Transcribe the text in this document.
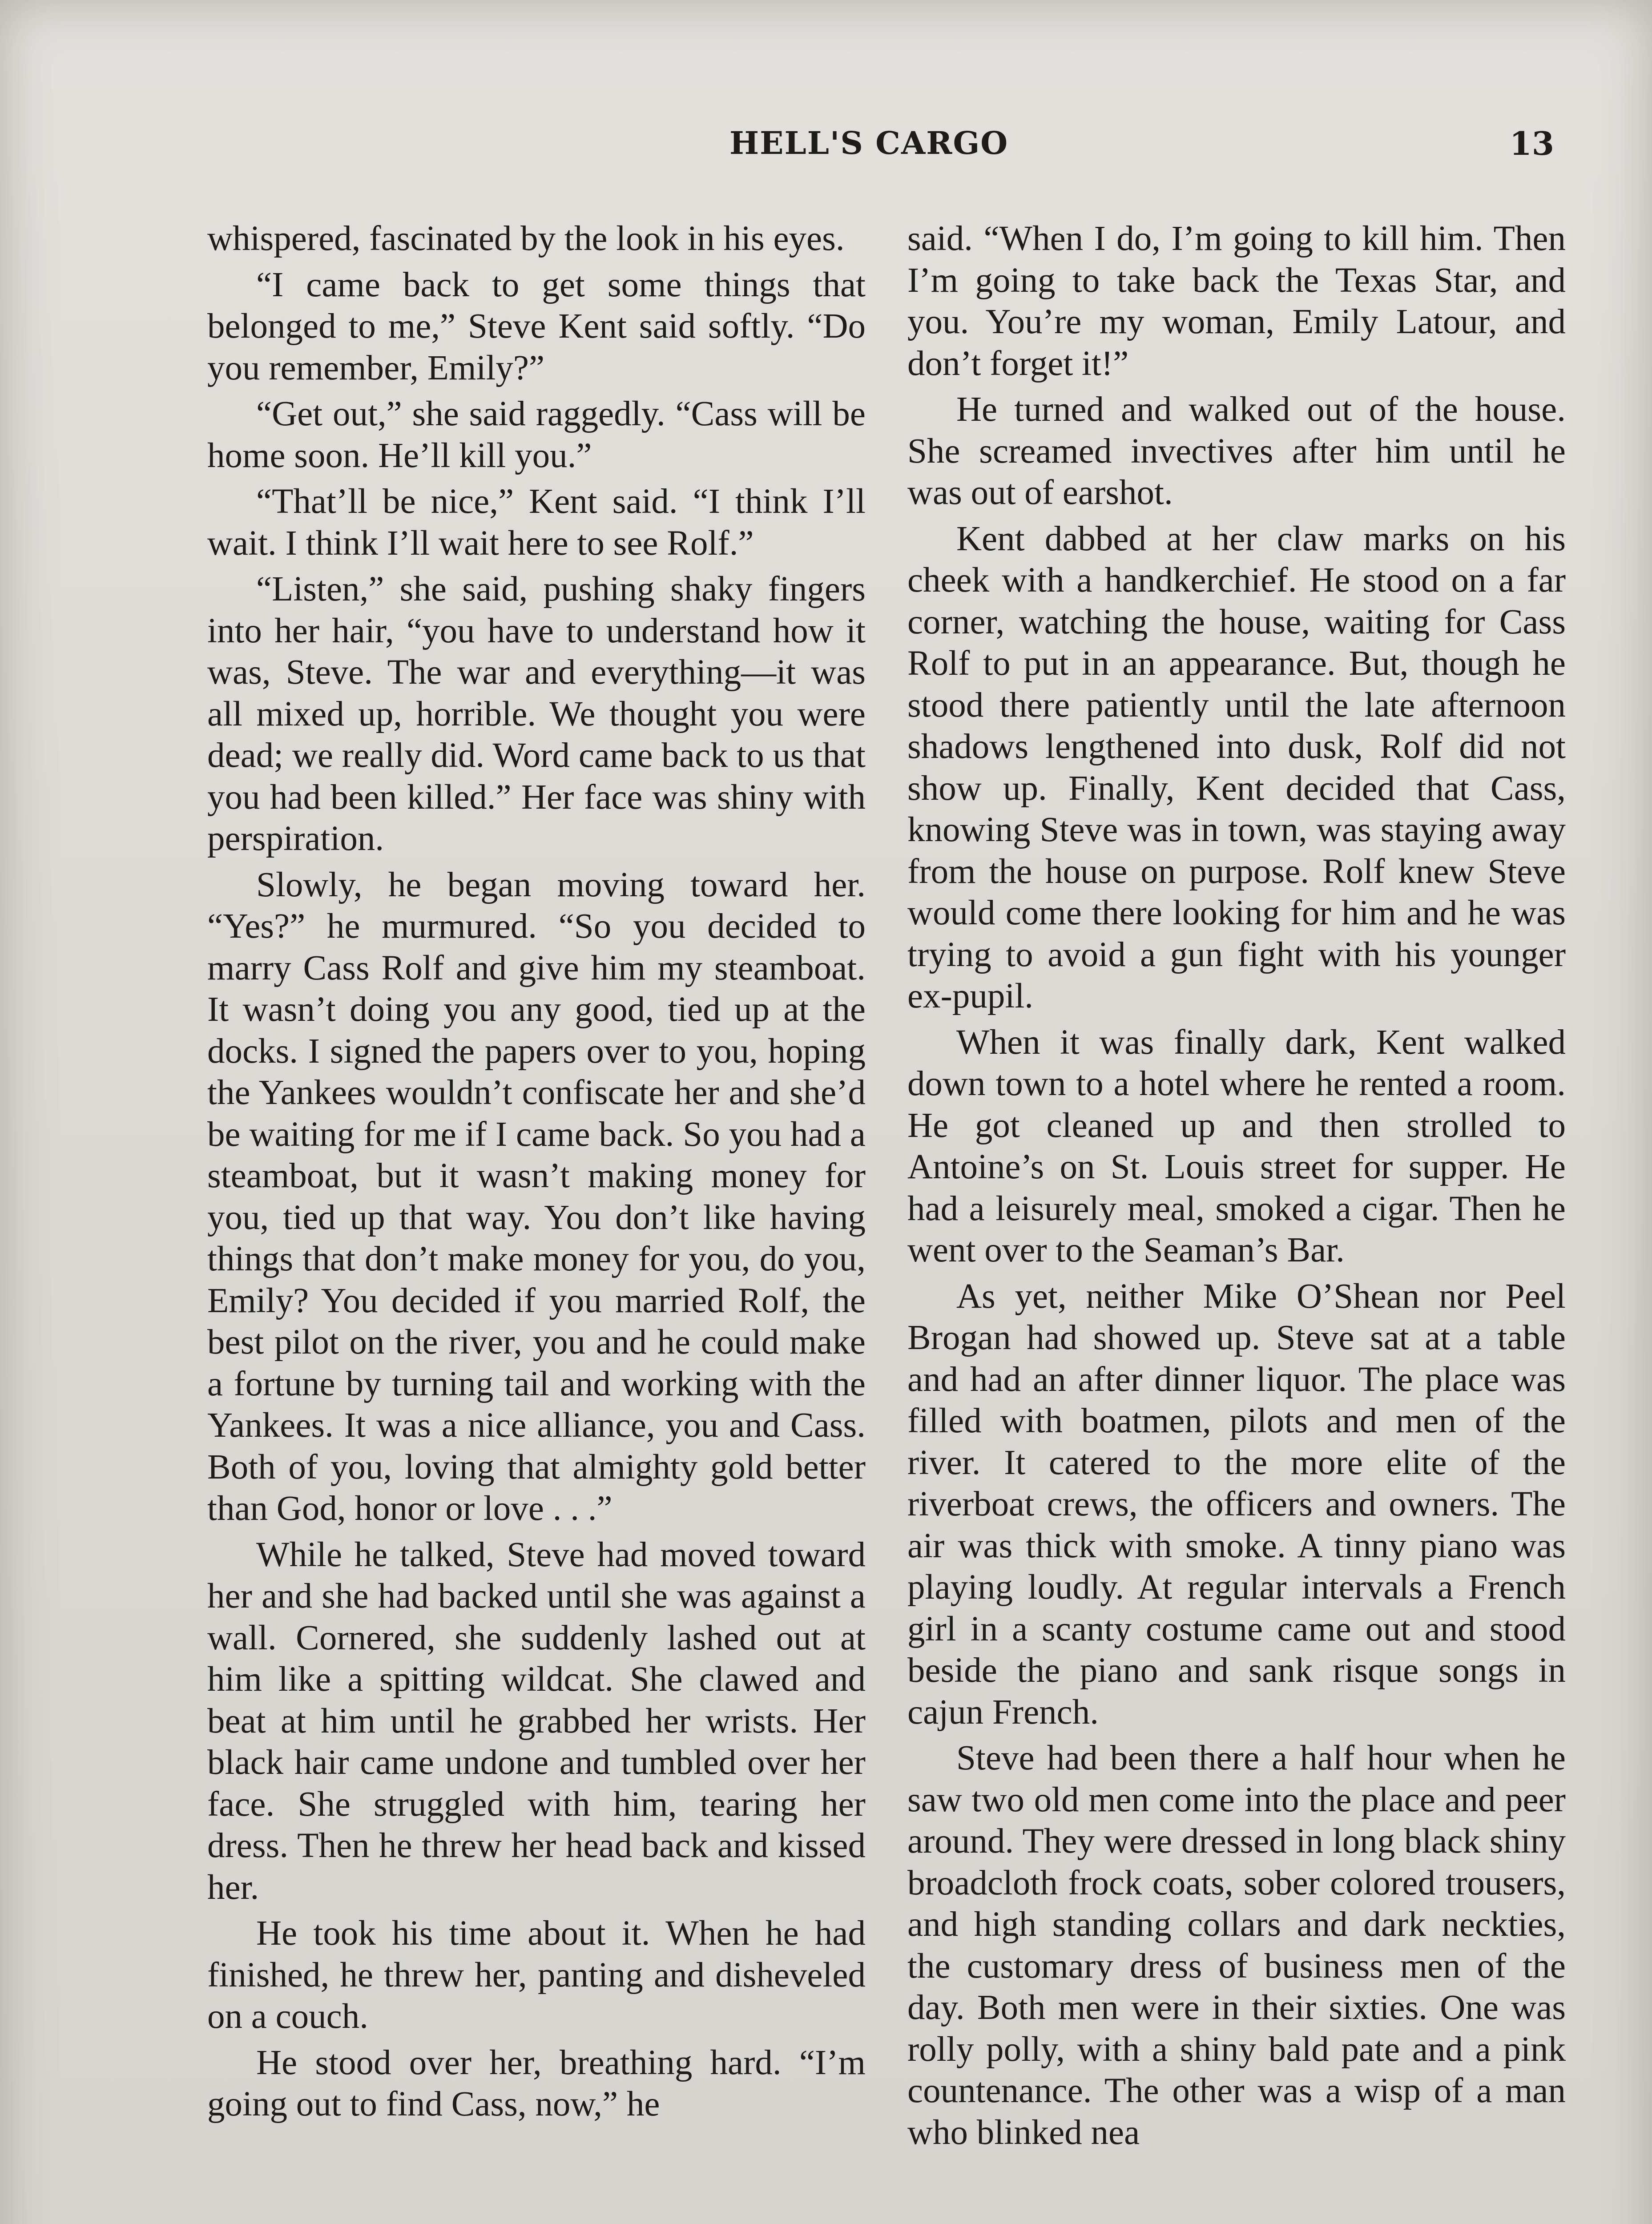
HELL'S CARGO	13

whispered, fascinated by the look in his eyes.

“I came back to get some things that belonged to me,” Steve Kent said softly. “Do you remember, Emily?”

“Get out,” she said raggedly. “Cass will be home soon. He’ll kill you.”

“That’ll be nice,” Kent said. “I think I’ll wait. I think I’ll wait here to see Rolf.”

“Listen,” she said, pushing shaky fingers into her hair, “you have to understand how it was, Steve. The war and everything—it was all mixed up, horrible. We thought you were dead; we really did. Word came back to us that you had been killed.” Her face was shiny with perspiration.

Slowly, he began moving toward her. “Yes?” he murmured. “So you decided to marry Cass Rolf and give him my steamboat. It wasn’t doing you any good, tied up at the docks. I signed the papers over to you, hoping the Yankees wouldn’t confiscate her and she’d be waiting for me if I came back. So you had a steamboat, but it wasn’t making money for you, tied up that way. You don’t like having things that don’t make money for you, do you, Emily? You decided if you married Rolf, the best pilot on the river, you and he could make a fortune by turning tail and working with the Yankees. It was a nice alliance, you and Cass. Both of you, loving that almighty gold better than God, honor or love . . .”

While he talked, Steve had moved toward her and she had backed until she was against a wall. Cornered, she suddenly lashed out at him like a spitting wildcat. She clawed and beat at him until he grabbed her wrists. Her black hair came undone and tumbled over her face. She struggled with him, tearing her dress. Then he threw her head back and kissed her.

He took his time about it. When he had finished, he threw her, panting and disheveled on a couch.

He stood over her, breathing hard. “I’m going out to find Cass, now,” he

said. “When I do, I’m going to kill him. Then I’m going to take back the Texas Star, and you. You’re my woman, Emily Latour, and don’t forget it!”

He turned and walked out of the house. She screamed invectives after him until he was out of earshot.

Kent dabbed at her claw marks on his cheek with a handkerchief. He stood on a far corner, watching the house, waiting for Cass Rolf to put in an appearance. But, though he stood there patiently until the late afternoon shadows lengthened into dusk, Rolf did not show up. Finally, Kent decided that Cass, knowing Steve was in town, was staying away from the house on purpose. Rolf knew Steve would come there looking for him and he was trying to avoid a gun fight with his younger ex-pupil.

When it was finally dark, Kent walked down town to a hotel where he rented a room. He got cleaned up and then strolled to Antoine’s on St. Louis street for supper. He had a leisurely meal, smoked a cigar. Then he went over to the Seaman’s Bar.

As yet, neither Mike O’Shean nor Peel Brogan had showed up. Steve sat at a table and had an after dinner liquor. The place was filled with boatmen, pilots and men of the river. It catered to the more elite of the riverboat crews, the officers and owners. The air was thick with smoke. A tinny piano was playing loudly. At regular intervals a French girl in a scanty costume came out and stood beside the piano and sank risque songs in cajun French.

Steve had been there a half hour when he saw two old men come into the place and peer around. They were dressed in long black shiny broadcloth frock coats, sober colored trousers, and high standing collars and dark neckties, the customary dress of business men of the day. Both men were in their sixties. One was rolly polly, with a shiny bald pate and a pink countenance. The other was a wisp of a man who blinked nea
